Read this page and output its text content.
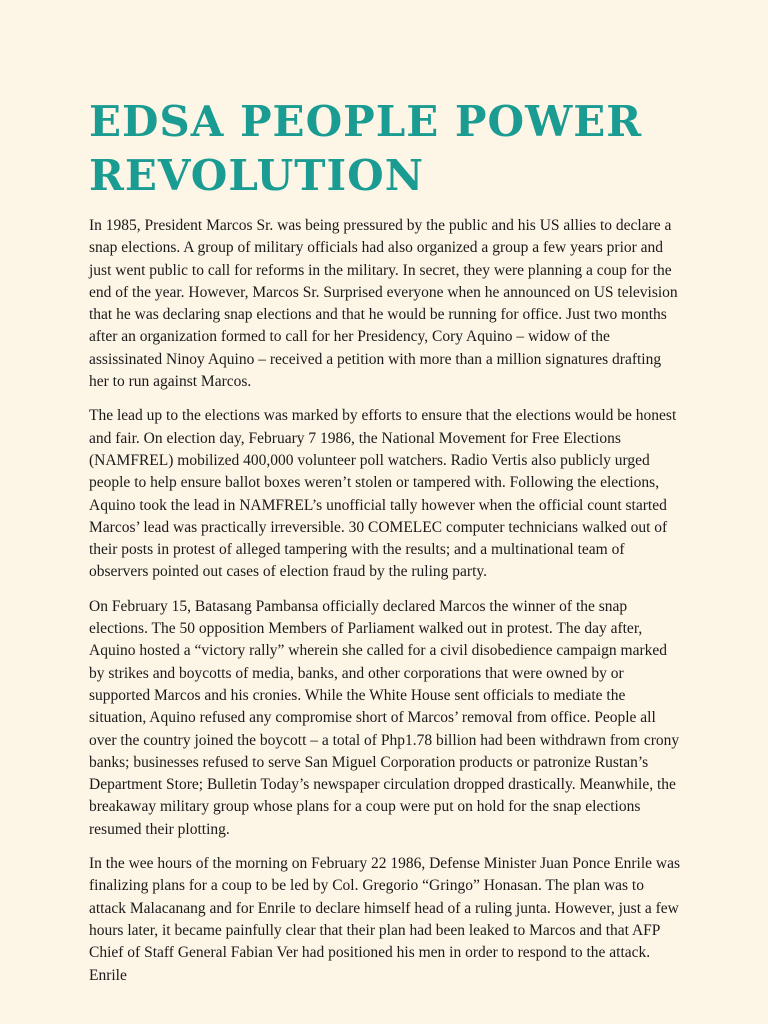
EDSA PEOPLE POWER
REVOLUTION

In 1985, President Marcos Sr. was being pressured by the public and his US allies to declare a snap elections. A group of military officials had also organized a group a few years prior and just went public to call for reforms in the military. In secret, they were planning a coup for the end of the year. However, Marcos Sr. Surprised everyone when he announced on US television that he was declaring snap elections and that he would be running for office. Just two months after an organization formed to call for her Presidency, Cory Aquino – widow of the assissinated Ninoy Aquino – received a petition with more than a million signatures drafting her to run against Marcos.

The lead up to the elections was marked by efforts to ensure that the elections would be honest and fair. On election day, February 7 1986, the National Movement for Free Elections (NAMFREL) mobilized 400,000 volunteer poll watchers. Radio Vertis also publicly urged people to help ensure ballot boxes weren’t stolen or tampered with. Following the elections, Aquino took the lead in NAMFREL’s unofficial tally however when the official count started Marcos’ lead was practically irreversible. 30 COMELEC computer technicians walked out of their posts in protest of alleged tampering with the results; and a multinational team of observers pointed out cases of election fraud by the ruling party.

On February 15, Batasang Pambansa officially declared Marcos the winner of the snap elections. The 50 opposition Members of Parliament walked out in protest. The day after, Aquino hosted a “victory rally” wherein she called for a civil disobedience campaign marked by strikes and boycotts of media, banks, and other corporations that were owned by or supported Marcos and his cronies. While the White House sent officials to mediate the situation, Aquino refused any compromise short of Marcos’ removal from office. People all over the country joined the boycott – a total of Php1.78 billion had been withdrawn from crony banks; businesses refused to serve San Miguel Corporation products or patronize Rustan’s Department Store; Bulletin Today’s newspaper circulation dropped drastically. Meanwhile, the breakaway military group whose plans for a coup were put on hold for the snap elections resumed their plotting.

In the wee hours of the morning on February 22 1986, Defense Minister Juan Ponce Enrile was finalizing plans for a coup to be led by Col. Gregorio “Gringo” Honasan. The plan was to attack Malacanang and for Enrile to declare himself head of a ruling junta. However, just a few hours later, it became painfully clear that their plan had been leaked to Marcos and that AFP Chief of Staff General Fabian Ver had positioned his men in order to respond to the attack. Enrile
